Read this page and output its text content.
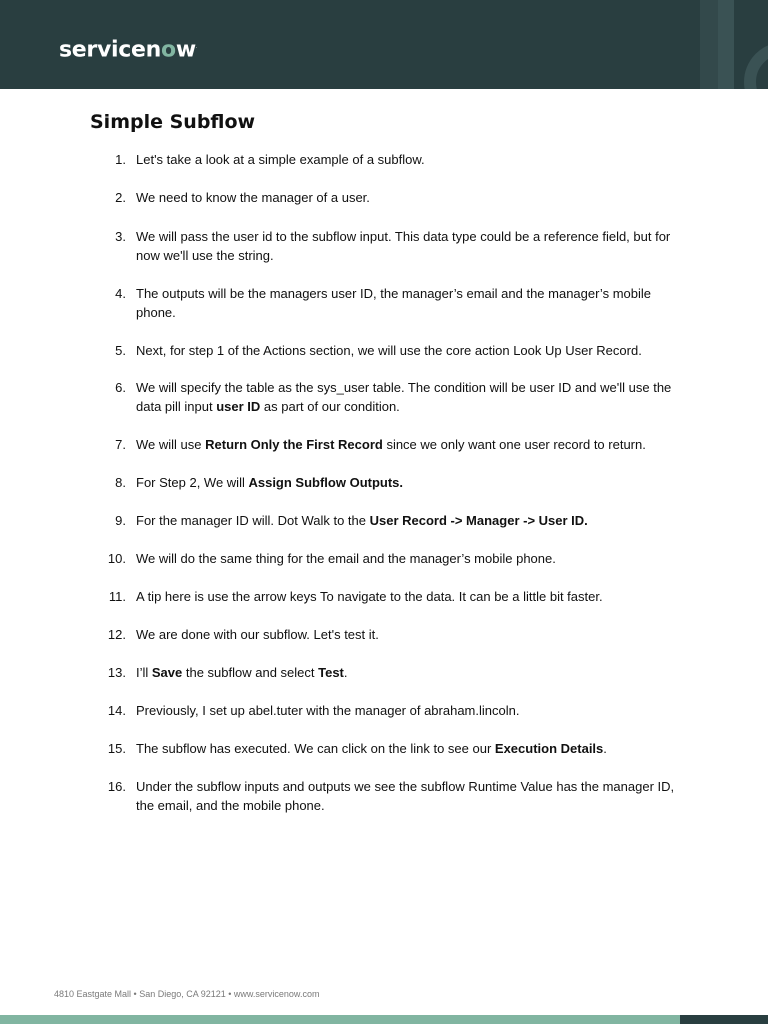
servicenow.
Simple Subflow
1. Let's take a look at a simple example of a subflow.
2. We need to know the manager of a user.
3. We will pass the user id to the subflow input. This data type could be a reference field, but for now we'll use the string.
4. The outputs will be the managers user ID, the manager’s email and the manager’s mobile phone.
5. Next, for step 1 of the Actions section, we will use the core action Look Up User Record.
6. We will specify the table as the sys_user table. The condition will be user ID and we'll use the data pill input user ID as part of our condition.
7. We will use Return Only the First Record since we only want one user record to return.
8. For Step 2, We will Assign Subflow Outputs.
9. For the manager ID will. Dot Walk to the User Record -> Manager -> User ID.
10. We will do the same thing for the email and the manager’s mobile phone.
11. A tip here is use the arrow keys To navigate to the data. It can be a little bit faster.
12. We are done with our subflow. Let's test it.
13. I’ll Save the subflow and select Test.
14. Previously, I set up abel.tuter with the manager of abraham.lincoln.
15. The subflow has executed. We can click on the link to see our Execution Details.
16. Under the subflow inputs and outputs we see the subflow Runtime Value has the manager ID, the email, and the mobile phone.
4810 Eastgate Mall • San Diego, CA 92121 • www.servicenow.com
